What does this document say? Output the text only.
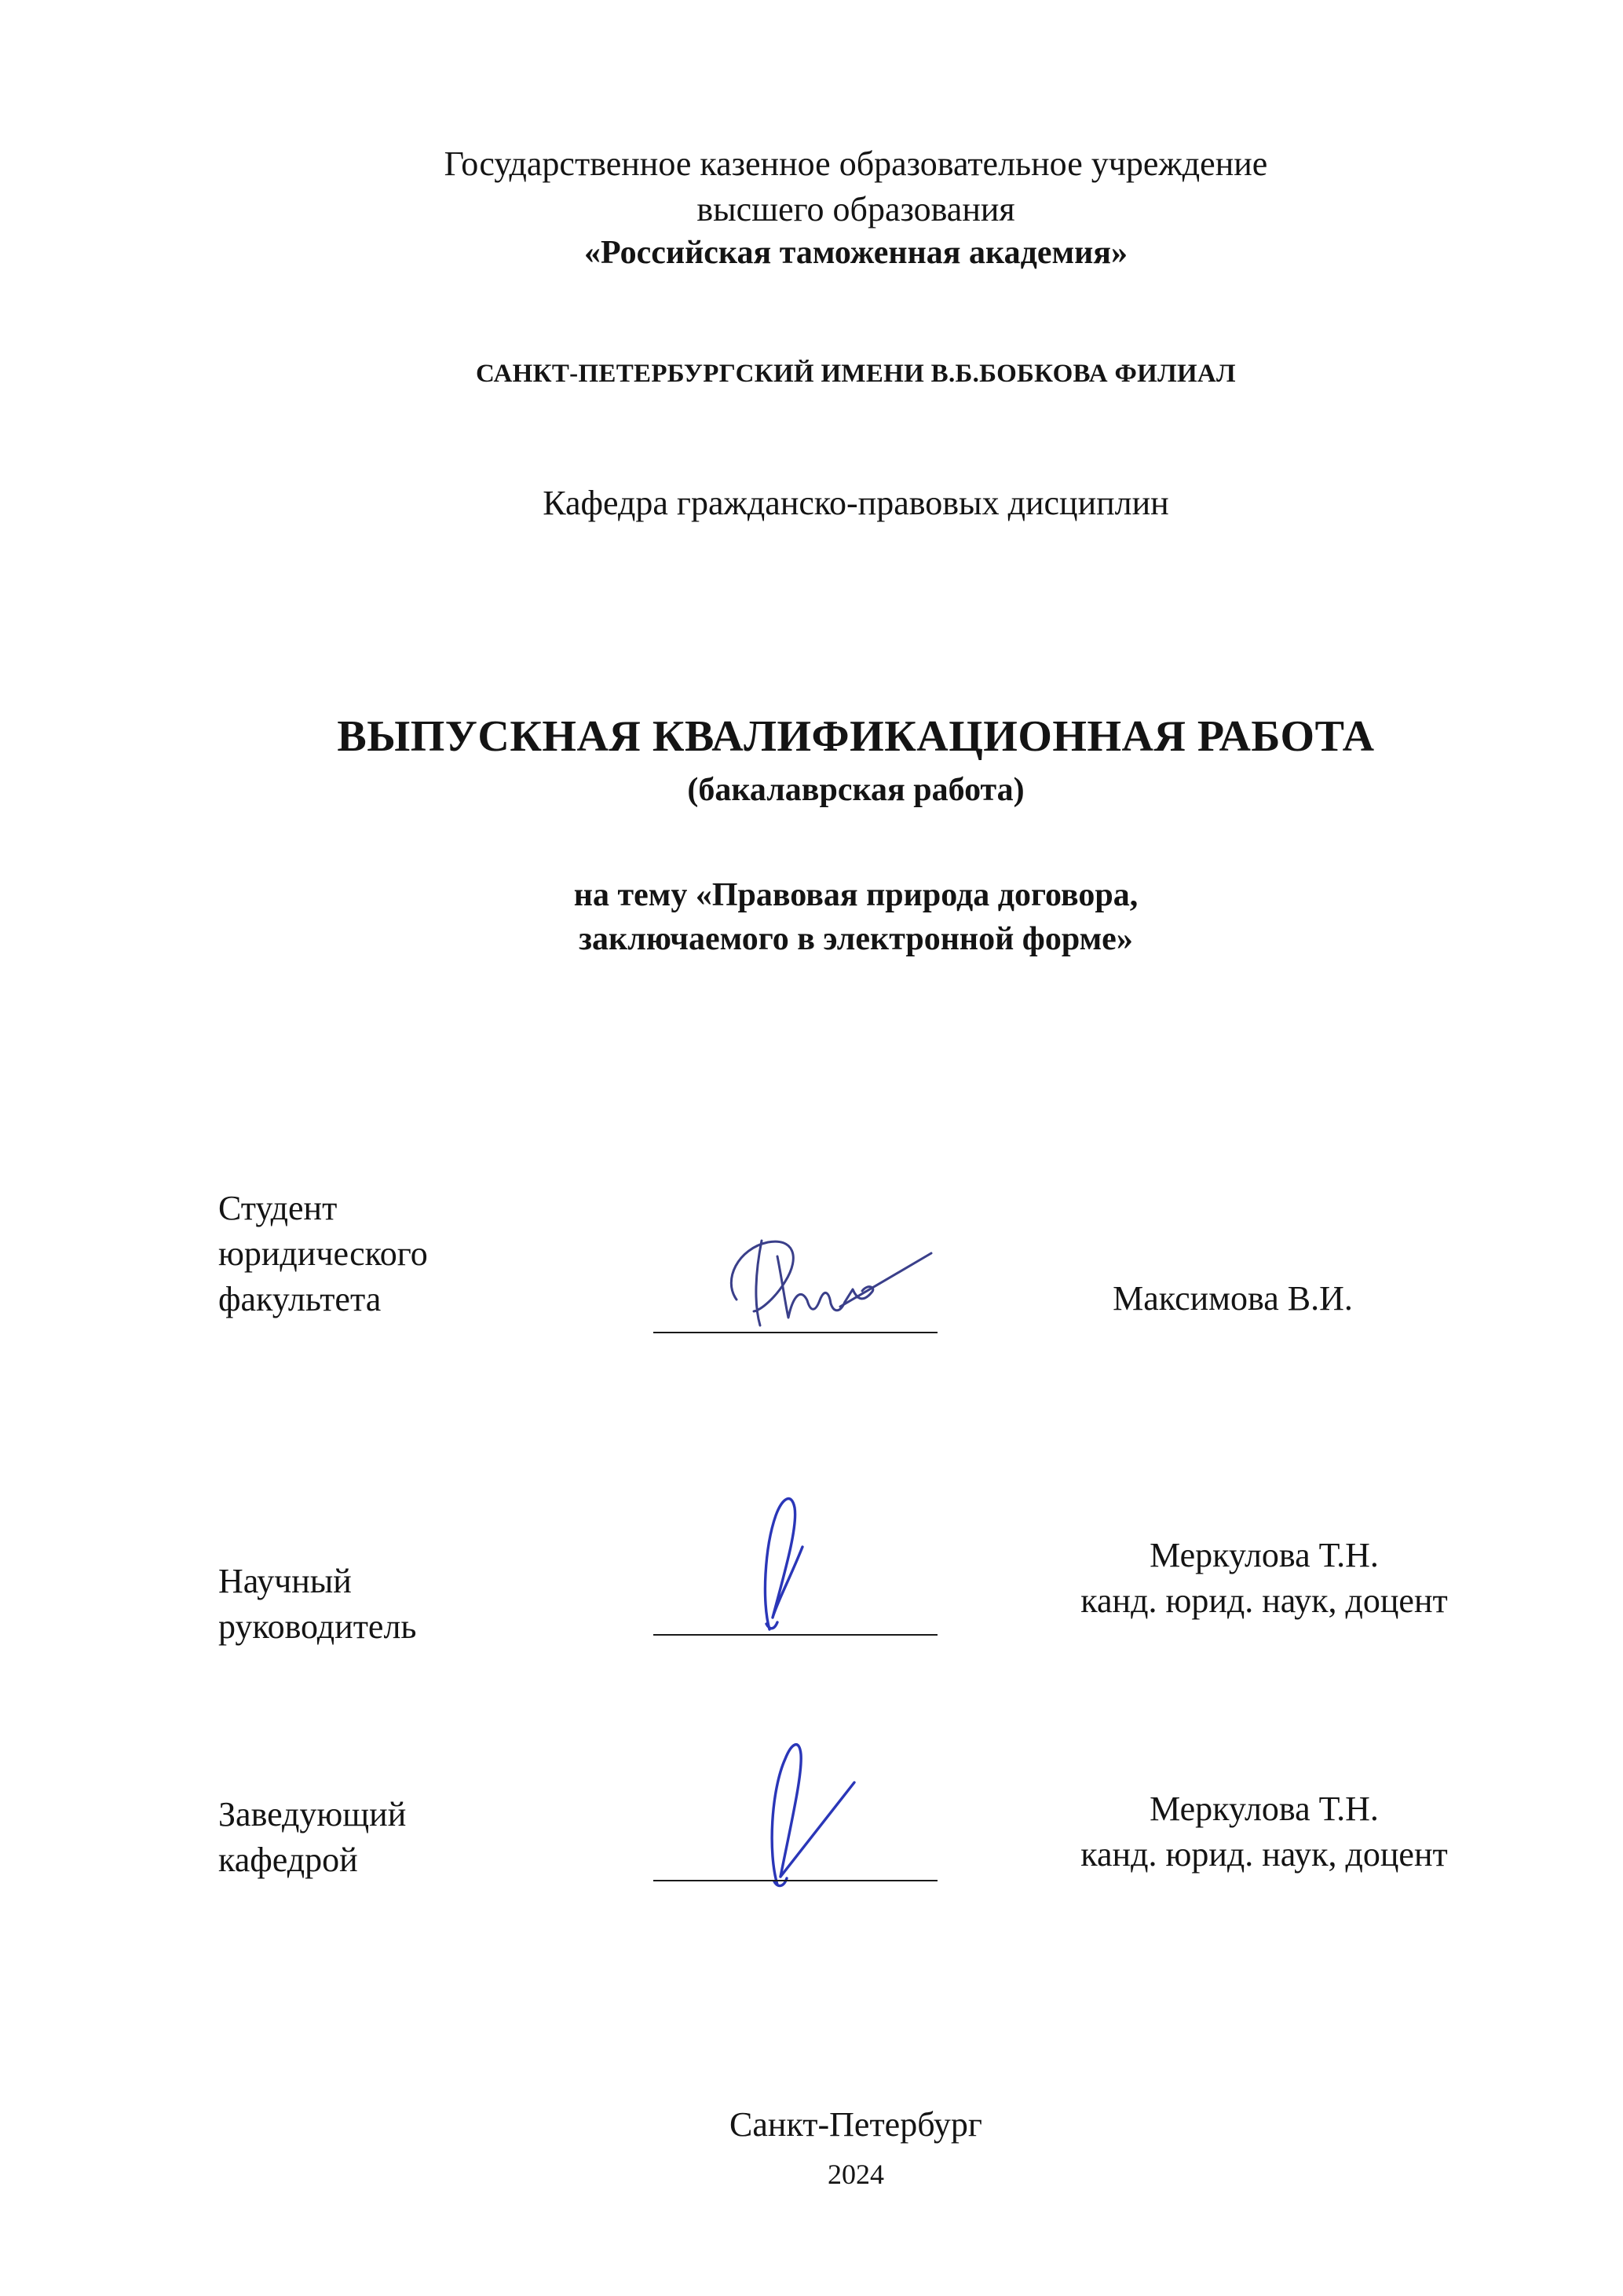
Государственное казенное образовательное учреждение
высшего образования
«Российская таможенная академия»
САНКТ-ПЕТЕРБУРГСКИЙ ИМЕНИ В.Б.БОБКОВА ФИЛИАЛ
Кафедра гражданско-правовых дисциплин
ВЫПУСКНАЯ КВАЛИФИКАЦИОННАЯ РАБОТА
(бакалаврская работа)
на тему «Правовая природа договора,
заключаемого в электронной форме»
Студент
юридического
факультета	Максимова В.И.
Научный
руководитель
Меркулова Т.Н.
канд. юрид. наук, доцент
Заведующий
кафедрой
Меркулова Т.Н.
канд. юрид. наук, доцент
Санкт-Петербург
2024
